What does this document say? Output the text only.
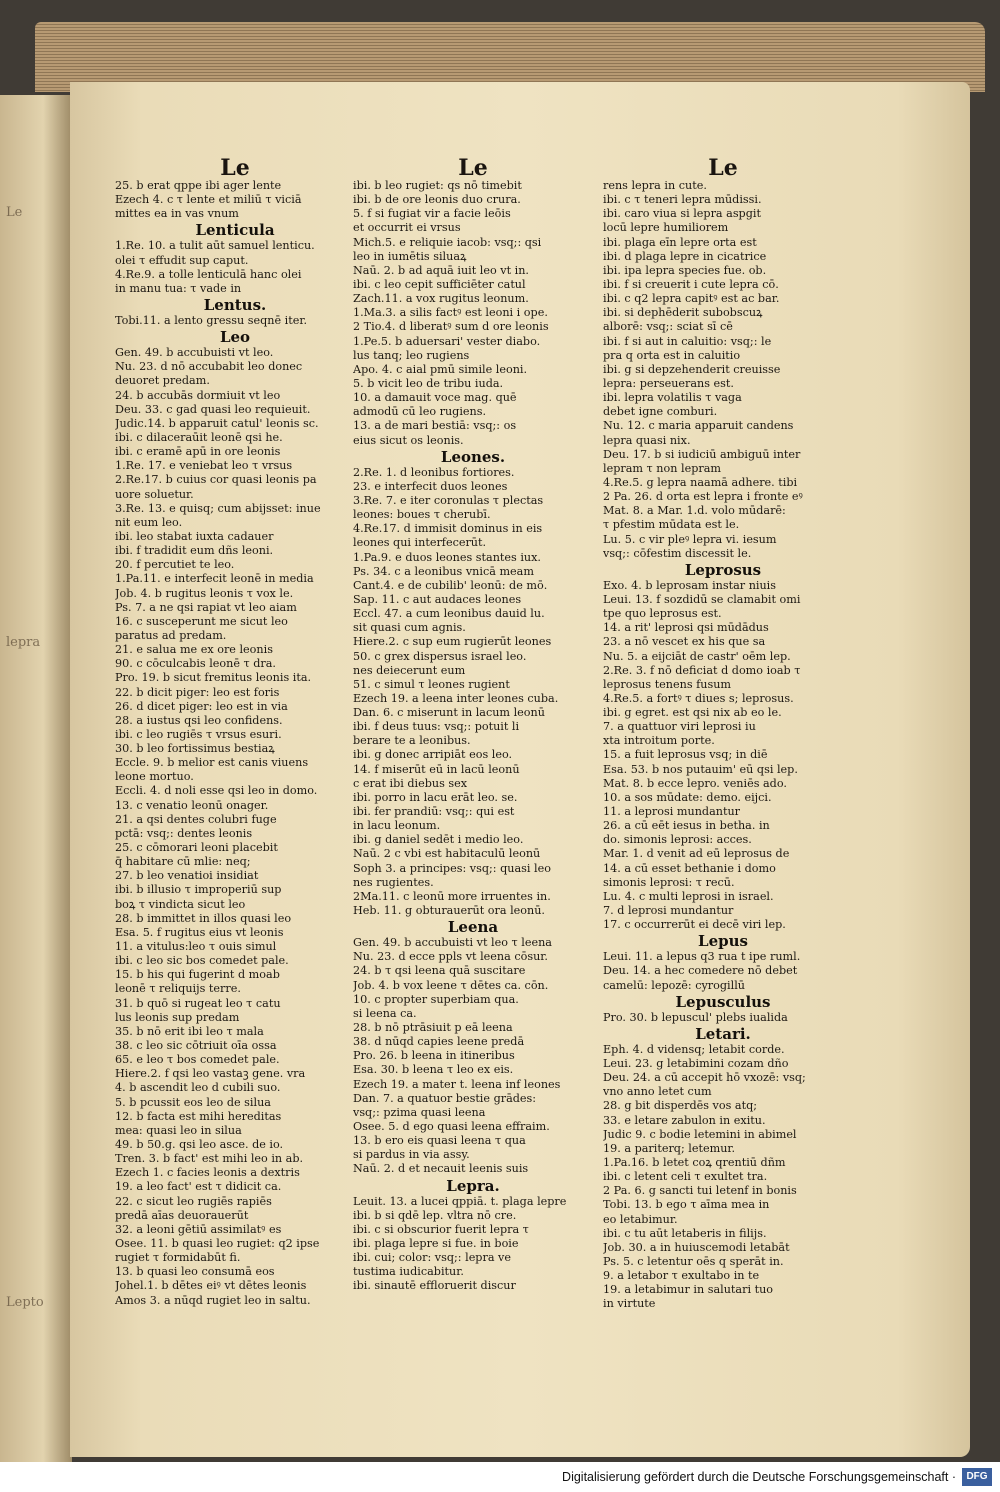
Le
lepra
Lepto
Le
25. b erat qppe ibi ager lente
Ezech 4. c τ lente et miliū τ viciā
mittes ea in vas vnum
Lenticula
1.Re. 10. a tulit aūt samuel lenticu.
olei τ effudit sup caput.
4.Re.9. a tolle lenticulā hanc olei
in manu tua: τ vade in
Lentus.
Tobi.11. a lento gressu seqnē iter.
Leo
Gen. 49. b accubuisti vt leo.
Nu. 23. d nō accubabit leo donec
deuoret predam.
24. b accubās dormiuit vt leo
Deu. 33. c gad quasi leo requieuit.
Judic.14. b apparuit catul' leonis sc.
ibi. c dilaceraūit leonē qsi he.
ibi. c eramē apū in ore leonis
1.Re. 17. e veniebat leo τ vrsus
2.Re.17. b cuius cor quasi leonis pa
uore soluetur.
3.Re. 13. e quisq; cum abijsset: inue
nit eum leo.
ibi. leo stabat iuxta cadauer
ibi. f tradidit eum dñs leoni.
20. f percutiet te leo.
1.Pa.11. e interfecit leonē in media
Job. 4. b rugitus leonis τ vox le.
Ps. 7. a ne qsi rapiat vt leo aiam
16. c susceperunt me sicut leo
paratus ad predam.
21. e salua me ex ore leonis
90. c cōculcabis leonē τ dra.
Pro. 19. b sicut fremitus leonis ita.
22. b dicit piger: leo est foris
26. d dicet piger: leo est in via
28. a iustus qsi leo confidens.
ibi. c leo rugiēs τ vrsus esuri.
30. b leo fortissimus bestiaꝝ
Eccle. 9. b melior est canis viuens
leone mortuo.
Eccli. 4. d noli esse qsi leo in domo.
13. c venatio leonū onager.
21. a qsi dentes colubri fuge
pctā: vsq;: dentes leonis
25. c cōmorari leoni placebit
q̄ habitare cū mlie: neq;
27. b leo venatioi insidiat
ibi. b illusio τ improperiū sup
boꝝ τ vindicta sicut leo
28. b immittet in illos quasi leo
Esa. 5. f rugitus eius vt leonis
11. a vitulus:leo τ ouis simul
ibi. c leo sic bos comedet pale.
15. b his qui fugerint d̄ moab
leonē τ reliquijs terre.
31. b quō si rugeat leo τ catu
lus leonis sup predam
35. b nō erit ibi leo τ mala
38. c leo sic cōtriuit oīa ossa
65. e leo τ bos comedet pale.
Hiere.2. f qsi leo vastaꝫ gene. vra
4. b ascendit leo d̄ cubili suo.
5. b pcussit eos leo de silua
12. b facta est mihi hereditas
mea: quasi leo in silua
49. b 50.g. qsi leo asce. de io.
Tren. 3. b fact' est mihi leo in ab.
Ezech 1. c facies leonis a dextris
19. a leo fact' est τ didicit ca.
22. c sicut leo rugiēs rapiēs
predā aīas deuorauerūt
32. a leoni gētiū assimilatꝰ es
Osee. 11. b quasi leo rugiet: q2 ipse
rugiet τ formidabūt fi.
13. b quasi leo consumā eos
Johel.1. b dētes eiꝰ vt dētes leonis
Amos 3. a nūqd rugiet leo in saltu.
Le
ibi. b leo rugiet: qs nō timebit
ibi. b de ore leonis duo crura.
5. f si fugiat vir a facie leōis
et occurrit ei vrsus
Mich.5. e reliquie iacob: vsq;: qsi
leo in iumētis siluaꝝ
Naū. 2. b ad aquā iuit leo vt in.
ibi. c leo cepit sufficiēter catul
Zach.11. a vox rugitus leonum.
1.Ma.3. a silis factꝰ est leoni i ope.
2 Tio.4. d liberatꝰ sum d̄ ore leonis
1.Pe.5. b aduersari' vester diabo.
lus tanq; leo rugiens
Apo. 4. c aial pmū simile leoni.
5. b vicit leo de tribu iuda.
10. a damauit voce mag. quē
admodū cū leo rugiens.
13. a de mari bestiā: vsq;: os
eius sicut os leonis.
Leones.
2.Re. 1. d leonibus fortiores.
23. e interfecit duos leones
3.Re. 7. e iter coronulas τ plectas
leones: boues τ cherubī.
4.Re.17. d immisit dominus in eis
leones qui interfecerūt.
1.Pa.9. e duos leones stantes iux.
Ps. 34. c a leonibus vnicā meam
Cant.4. e de cubilib' leonū: de mō.
Sap. 11. c aut audaces leones
Eccl. 47. a cum leonibus dauid lu.
sit quasi cum agnis.
Hiere.2. c sup eum rugierūt leones
50. c grex dispersus israel leo.
nes deiecerunt eum
51. c simul τ leones rugient
Ezech 19. a leena inter leones cuba.
Dan. 6. c miserunt in lacum leonū
ibi. f deus tuus: vsq;: potuit li
berare te a leonibus.
ibi. g donec arripiāt eos leo.
14. f miserūt eū in lacū leonū
c erat ibi diebus sex
ibi. porro in lacu erāt leo. se.
ibi. fer prandiū: vsq;: qui est
in lacu leonum.
ibi. g daniel sedēt i medio leo.
Naū. 2 c vbi est habitaculū leonū
Soph 3. a principes: vsq;: quasi leo
nes rugientes.
2Ma.11. c leonū more irruentes in.
Heb. 11. g obturauerūt ora leonū.
Leena
Gen. 49. b accubuisti vt leo τ leena
Nu. 23. d ecce ppls vt leena cōsur.
24. b τ qsi leena quā suscitare
Job. 4. b vox leene τ dētes ca. cōn.
10. c propter superbiam qua.
si leena ca.
28. b nō ptrāsiuit p eā leena
38. d nūqd capies leene predā
Pro. 26. b leena in itineribus
Esa. 30. b leena τ leo ex eis.
Ezech 19. a mater t. leena inf leones
Dan. 7. a quatuor bestie grādes:
vsq;: pzima quasi leena
Osee. 5. d ego quasi leena effraim.
13. b ero eis quasi leena τ qua
si pardus in via assy.
Naū. 2. d et necauit leenis suis
Lepra.
Leuit. 13. a lucei qppiā. t. plaga lepre
ibi. b si qdē lep. vltra nō cre.
ibi. c si obscurior fuerit lepra τ
ibi. plaga lepre si fue. in boie
ibi. cui; color: vsq;: lepra ve
tustima iudicabitur.
ibi. sinautē effloruerit discur
Le
rens lepra in cute.
ibi. c τ teneri lepra mūdissi.
ibi. caro viua si lepra aspgit
locū lepre humiliorem
ibi. plaga eīn lepre orta est
ibi. d plaga lepre in cicatrice
ibi. ipa lepra species fue. ob.
ibi. f si creuerit i cute lepra cō.
ibi. c q2 lepra capitꝰ est ac bar.
ibi. si dephēderit subobscuꝝ
alborē: vsq;: sciat sī cē
ibi. f si aut in caluitio: vsq;: le
pra q orta est in caluitio
ibi. g si depzehenderit creuisse
lepra: perseuerans est.
ibi. lepra volatilis τ vaga
debet igne comburi.
Nu. 12. c maria apparuit candens
lepra quasi nix.
Deu. 17. b si iudiciū ambiguū inter
lepram τ non lepram
4.Re.5. g lepra naamā adhere. tibi
2 Pa. 26. d orta est lepra i fronte eꝰ
Mat. 8. a Mar. 1.d. volo mūdarē:
τ pfestim mūdata est le.
Lu. 5. c vir pleꝰ lepra vi. iesum
vsq;: cōfestim discessit le.
Leprosus
Exo. 4. b leprosam instar niuis
Leui. 13. f sozdidū se clamabit omi
tpe quo leprosus est.
14. a rit' leprosi qsi mūdādus
23. a nō vescet ex his que sa
Nu. 5. a eijciāt de castr' oēm lep.
2.Re. 3. f nō deficiat d̄ domo ioab τ
leprosus tenens fusum
4.Re.5. a fortꝰ τ diues s; leprosus.
ibi. g egret. est qsi nix ab eo le.
7. a quattuor viri leprosi iu
xta introitum porte.
15. a fuit leprosus vsq; in diē
Esa. 53. b nos putauim' eū qsi lep.
Mat. 8. b ecce lepro. veniēs ado.
10. a sos mūdate: demo. eijci.
11. a leprosi mundantur
26. a cū eēt iesus in betha. in
do. simonis leprosi: acces.
Mar. 1. d venit ad eū leprosus de
14. a cū esset bethanie i domo
simonis leprosi: τ recū.
Lu. 4. c multi leprosi in israel.
7. d leprosi mundantur
17. c occurrerūt ei decē viri lep.
Lepus
Leui. 11. a lepus q3 rua t ipe ruml.
Deu. 14. a hec comedere nō debet
camelū: lepozē: cyrogillū
Lepusculus
Pro. 30. b lepuscul' plebs iualida
Letari.
Eph. 4. d vidensq; letabit corde.
Leui. 23. g letabimini cozam dño
Deu. 24. a cū accepit hō vxozē: vsq;
vno anno letet cum
28. g bit disperdēs vos atq;
33. e letare zabulon in exitu.
Judic 9. c bodie letemini in abimel
19. a pariterq; letemur.
1.Pa.16. b letet coꝝ qrentiū dñm
ibi. c letent celi τ exultet tra.
2 Pa. 6. g sancti tui letenf in bonis
Tobi. 13. b ego τ aīma mea in
eo letabimur.
ibi. c tu aūt letaberis in filijs.
Job. 30. a in huiuscemodi letabāt
Ps. 5. c letentur oēs q sperāt in.
9. a letabor τ exultabo in te
19. a letabimur in salutari tuo
in virtute
Digitalisierung gefördert durch die Deutsche Forschungsgemeinschaft ·	DFG
